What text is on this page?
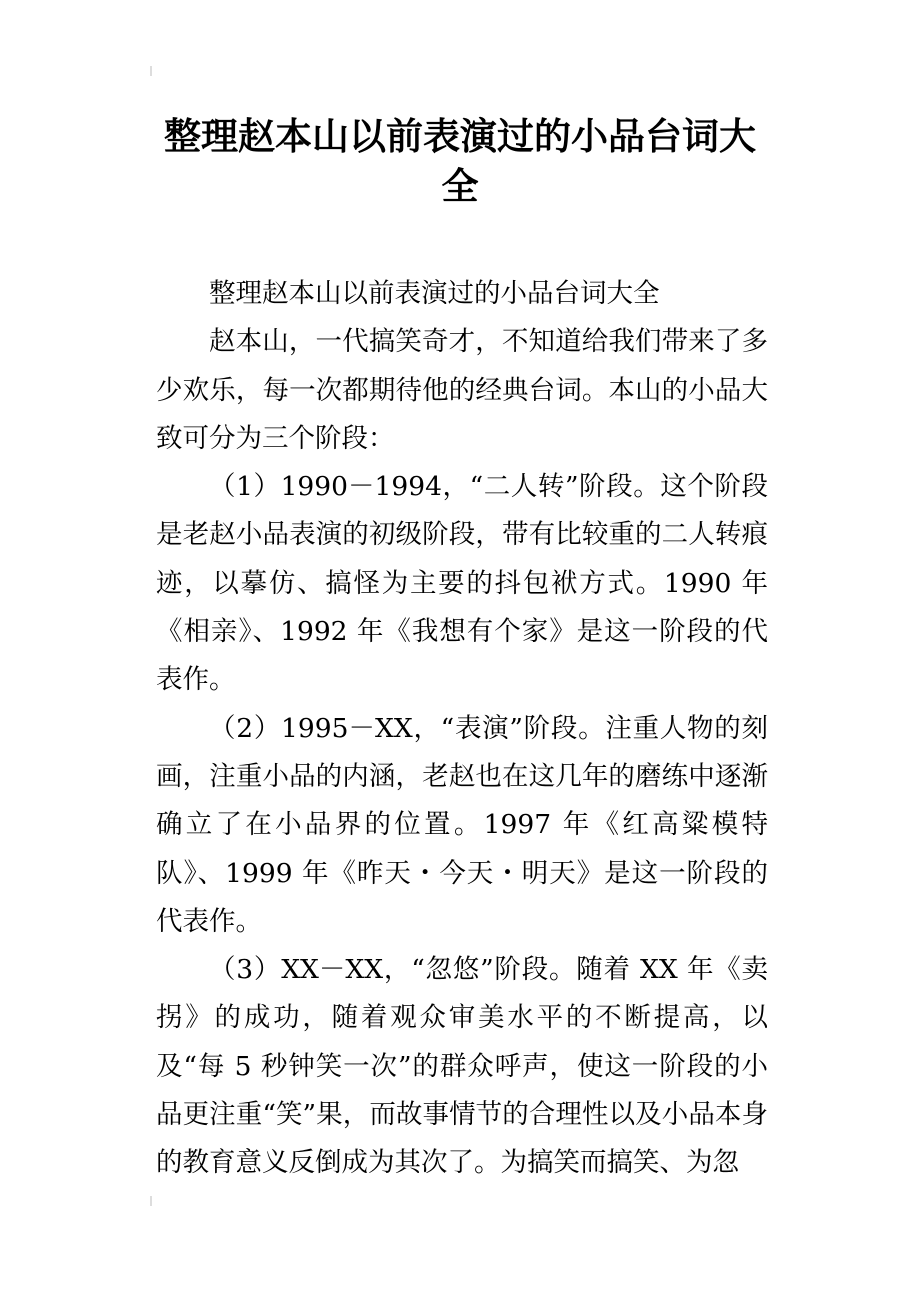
整理赵本山以前表演过的小品台词大全

整理赵本山以前表演过的小品台词大全

赵本山，一代搞笑奇才，不知道给我们带来了多少欢乐，每一次都期待他的经典台词。本山的小品大致可分为三个阶段：

（1）1990－1994，“二人转”阶段。这个阶段是老赵小品表演的初级阶段，带有比较重的二人转痕迹，以摹仿、搞怪为主要的抖包袱方式。1990 年《相亲》、1992 年《我想有个家》是这一阶段的代表作。

（2）1995－XX，“表演”阶段。注重人物的刻画，注重小品的内涵，老赵也在这几年的磨练中逐渐确立了在小品界的位置。1997 年《红高粱模特队》、1999 年《昨天・今天・明天》是这一阶段的代表作。

（3）XX－XX，“忽悠”阶段。随着 XX 年《卖拐》的成功，随着观众审美水平的不断提高，以及“每 5 秒钟笑一次”的群众呼声，使这一阶段的小品更注重“笑”果，而故事情节的合理性以及小品本身的教育意义反倒成为其次了。为搞笑而搞笑、为忽
